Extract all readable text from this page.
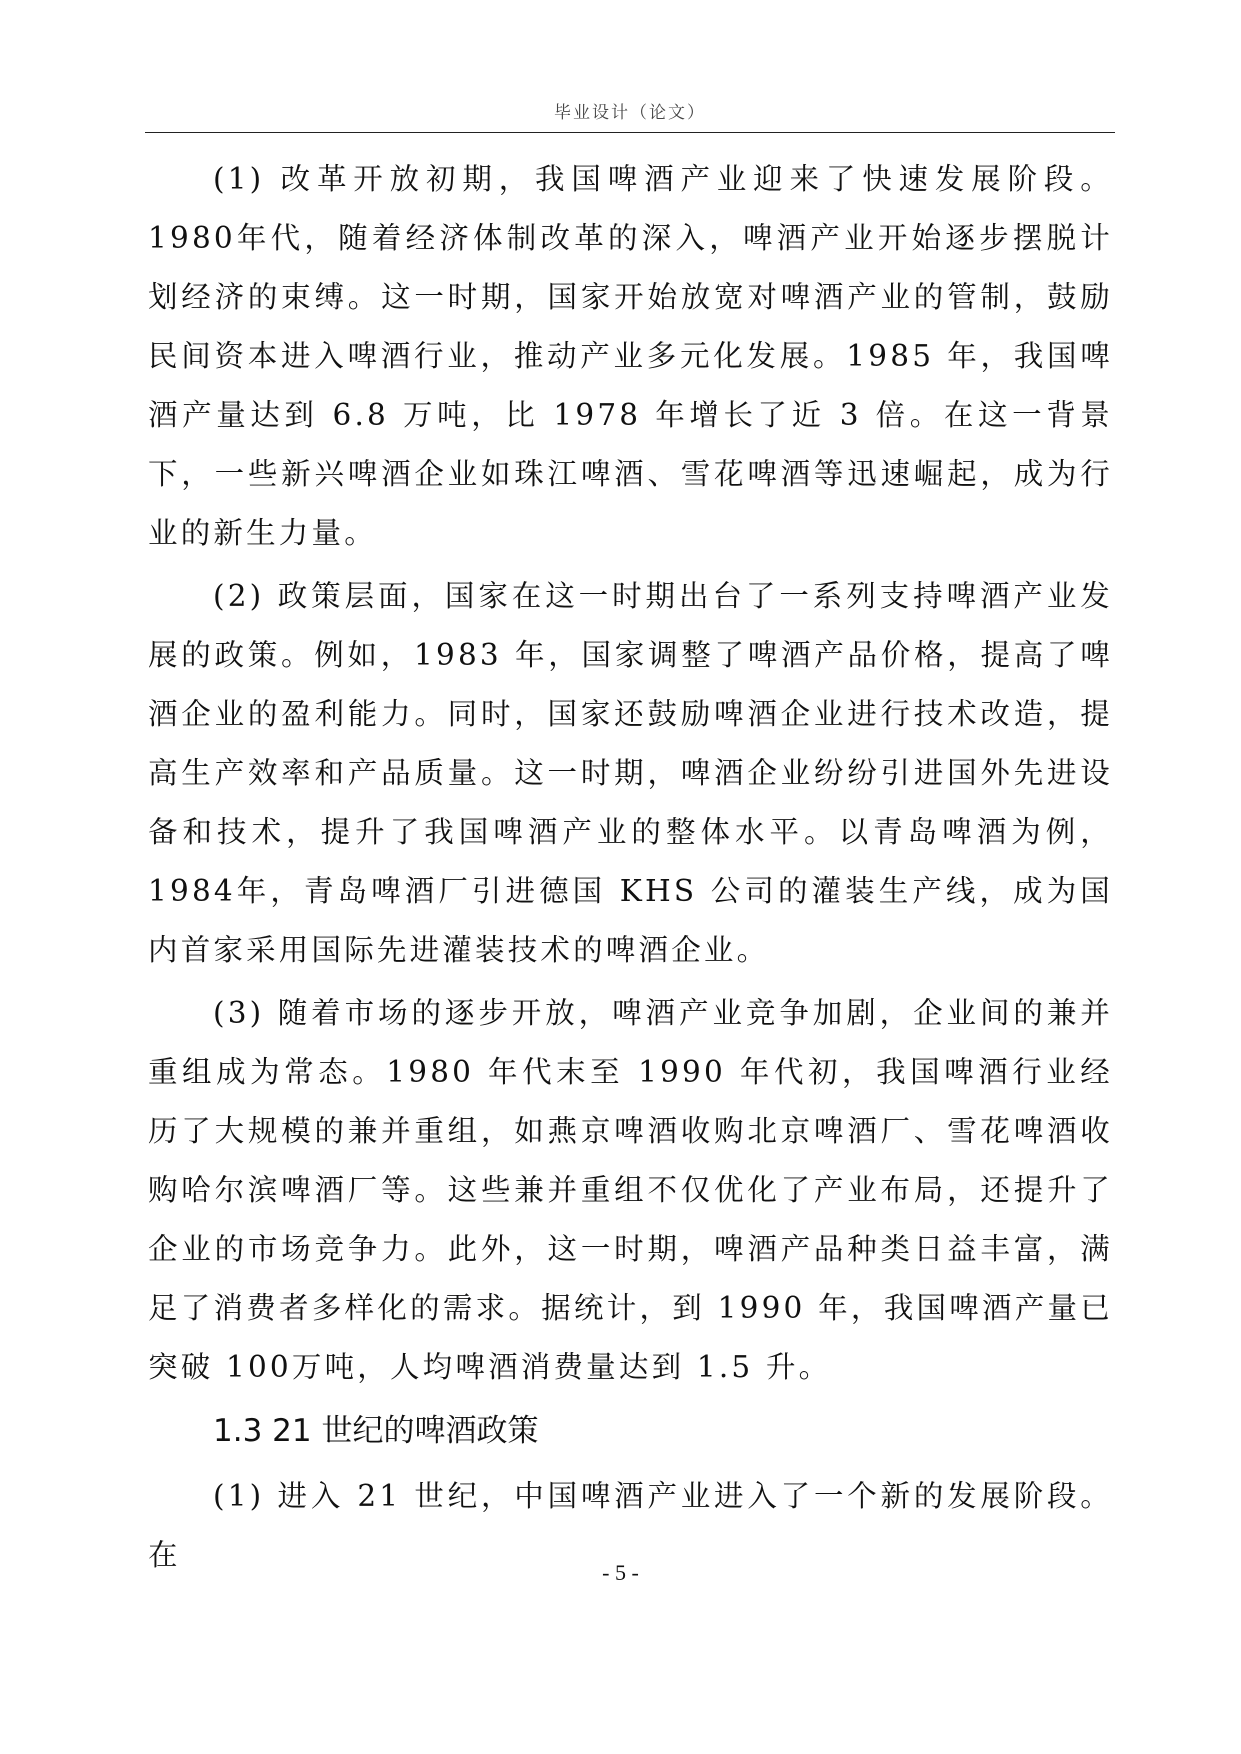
毕业设计（论文）

(1) 改革开放初期，我国啤酒产业迎来了快速发展阶段。1980年代，随着经济体制改革的深入，啤酒产业开始逐步摆脱计划经济的束缚。这一时期，国家开始放宽对啤酒产业的管制，鼓励民间资本进入啤酒行业，推动产业多元化发展。1985 年，我国啤酒产量达到 6.8 万吨，比 1978 年增长了近 3 倍。在这一背景下，一些新兴啤酒企业如珠江啤酒、雪花啤酒等迅速崛起，成为行业的新生力量。

(2) 政策层面，国家在这一时期出台了一系列支持啤酒产业发展的政策。例如，1983 年，国家调整了啤酒产品价格，提高了啤酒企业的盈利能力。同时，国家还鼓励啤酒企业进行技术改造，提高生产效率和产品质量。这一时期，啤酒企业纷纷引进国外先进设备和技术，提升了我国啤酒产业的整体水平。以青岛啤酒为例，1984年，青岛啤酒厂引进德国 KHS 公司的灌装生产线，成为国内首家采用国际先进灌装技术的啤酒企业。

(3) 随着市场的逐步开放，啤酒产业竞争加剧，企业间的兼并重组成为常态。1980 年代末至 1990 年代初，我国啤酒行业经历了大规模的兼并重组，如燕京啤酒收购北京啤酒厂、雪花啤酒收购哈尔滨啤酒厂等。这些兼并重组不仅优化了产业布局，还提升了企业的市场竞争力。此外，这一时期，啤酒产品种类日益丰富，满足了消费者多样化的需求。据统计，到 1990 年，我国啤酒产量已突破 100万吨，人均啤酒消费量达到 1.5 升。

1.3 21 世纪的啤酒政策

(1) 进入 21 世纪，中国啤酒产业进入了一个新的发展阶段。在

- 5 -
